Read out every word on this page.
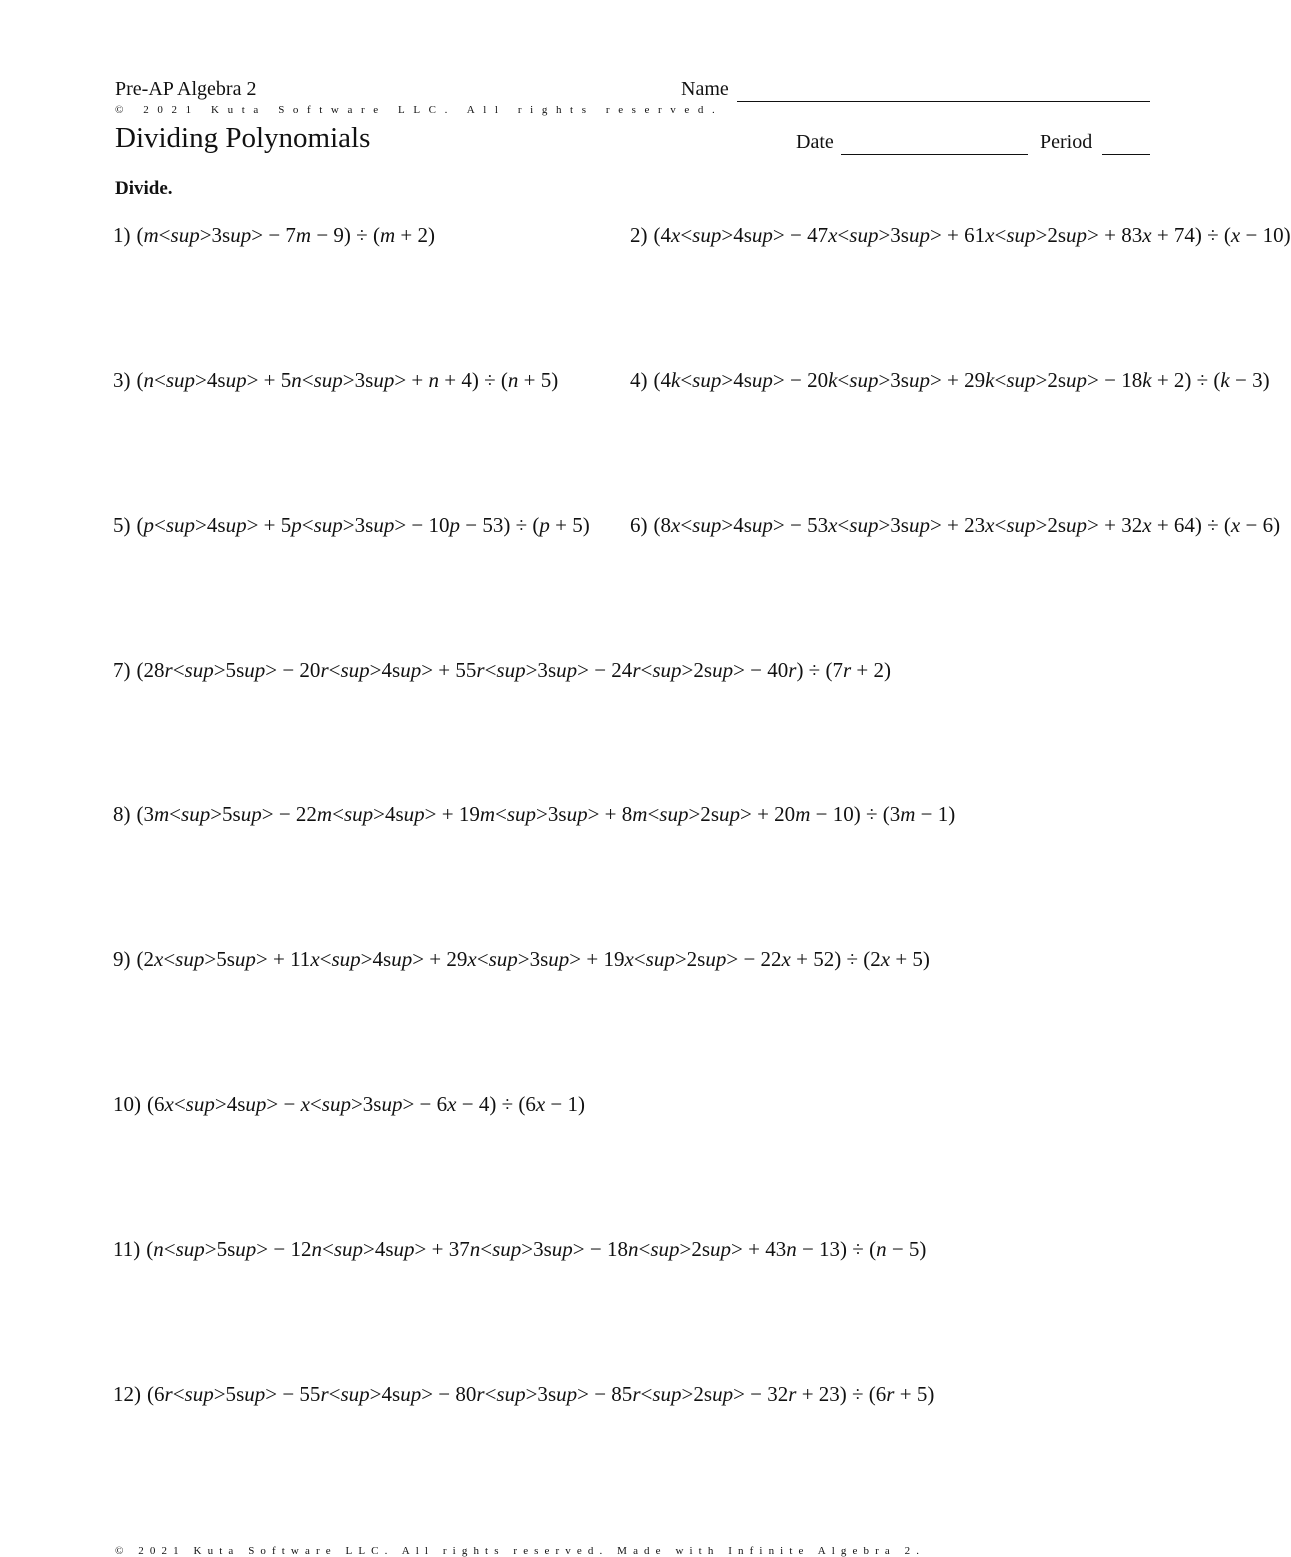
Pre-AP Algebra 2
© 2021 Kuta Software LLC. All rights reserved.
Dividing Polynomials
Name
Date	Period
Divide.
1) (m<sup>3sup> − 7m − 9) ÷ (m + 2)	2) (4x<sup>4sup> − 47x<sup>3sup> + 61x<sup>2sup> + 83x + 74) ÷ (x − 10)
3) (n<sup>4sup> + 5n<sup>3sup> + n + 4) ÷ (n + 5)	4) (4k<sup>4sup> − 20k<sup>3sup> + 29k<sup>2sup> − 18k + 2) ÷ (k − 3)
5) (p<sup>4sup> + 5p<sup>3sup> − 10p − 53) ÷ (p + 5) 6) (8x<sup>4sup> − 53x<sup>3sup> + 23x<sup>2sup> + 32x + 64) ÷ (x − 6)
7) (28r<sup>5sup> − 20r<sup>4sup> + 55r<sup>3sup> − 24r<sup>2sup> − 40r) ÷ (7r + 2)
8) (3m<sup>5sup> − 22m<sup>4sup> + 19m<sup>3sup> + 8m<sup>2sup> + 20m − 10) ÷ (3m − 1)
9) (2x<sup>5sup> + 11x<sup>4sup> + 29x<sup>3sup> + 19x<sup>2sup> − 22x + 52) ÷ (2x + 5)
10) (6x<sup>4sup> − x<sup>3sup> − 6x − 4) ÷ (6x − 1)
11) (n<sup>5sup> − 12n<sup>4sup> + 37n<sup>3sup> − 18n<sup>2sup> + 43n − 13) ÷ (n − 5)
12) (6r<sup>5sup> − 55r<sup>4sup> − 80r<sup>3sup> − 85r<sup>2sup> − 32r + 23) ÷ (6r + 5)
© 2021 Kuta Software LLC. All rights reserved. Made with Infinite Algebra 2.
